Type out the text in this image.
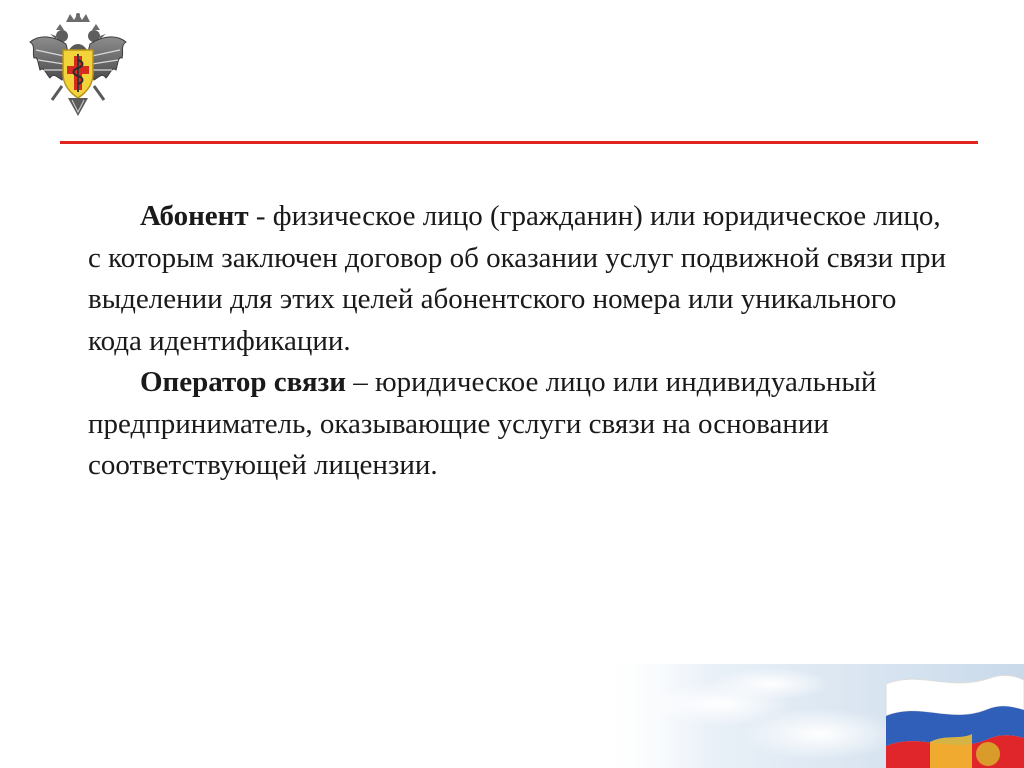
Абонент - физическое лицо (гражданин) или юридическое лицо, с которым заключен договор об оказании услуг подвижной связи при выделении для этих целей абонентского номера или уникального кода идентификации.

Оператор связи – юридическое лицо или индивидуальный предприниматель, оказывающие услуги связи на основании соответствующей лицензии.
